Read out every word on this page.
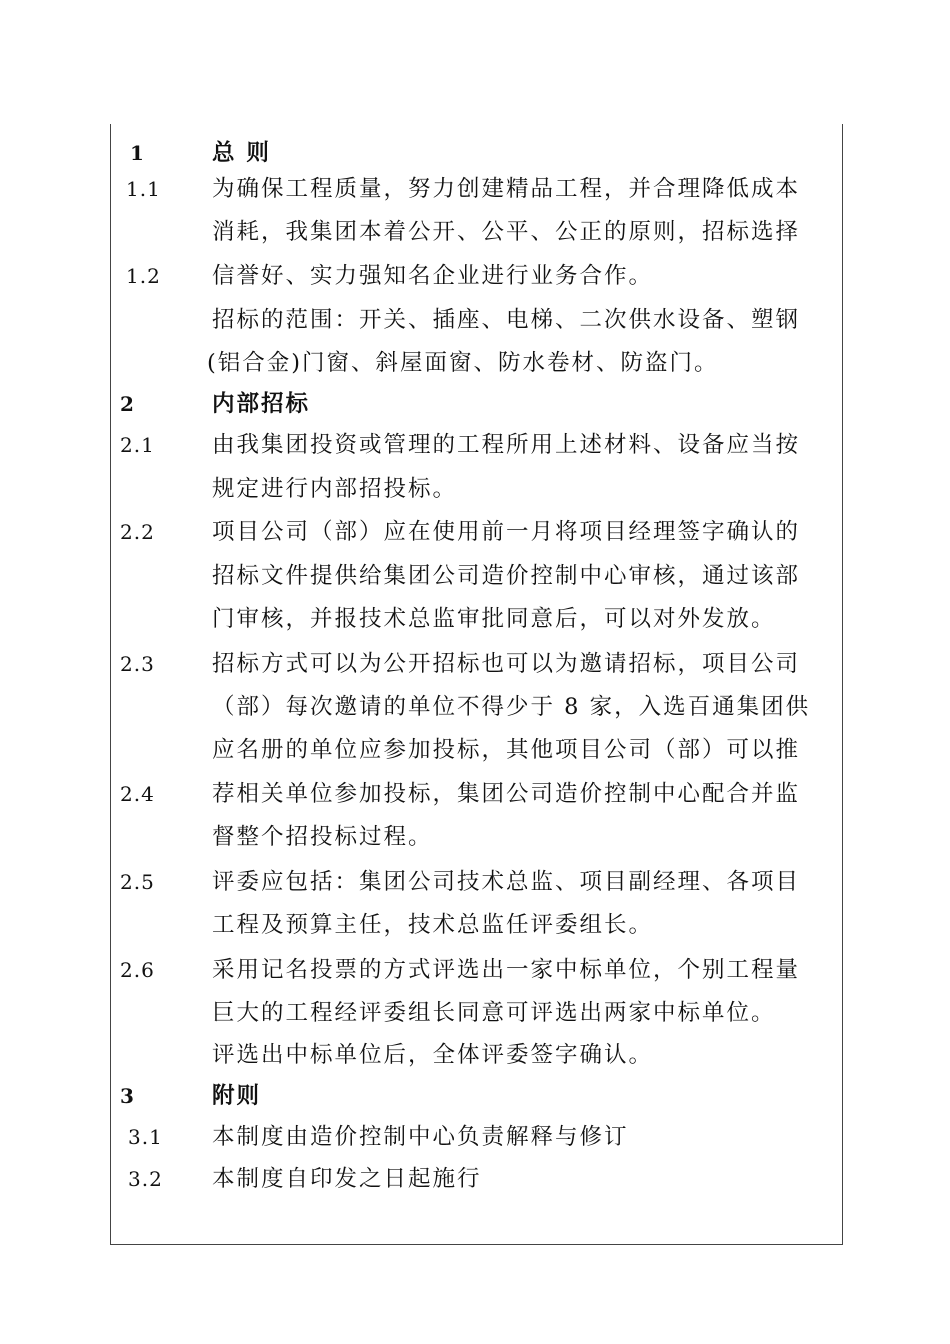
1	总 则
1.1 为确保工程质量，努力创建精品工程，并合理降低成本
消耗，我集团本着公开、公平、公正的原则，招标选择
1.2 信誉好、实力强知名企业进行业务合作。
招标的范围：开关、插座、电梯、二次供水设备、塑钢
(铝合金)门窗、斜屋面窗、防水卷材、防盗门。
2	内部招标
2.1	由我集团投资或管理的工程所用上述材料、设备应当按
规定进行内部招投标。
2.2	项目公司（部）应在使用前一月将项目经理签字确认的
招标文件提供给集团公司造价控制中心审核，通过该部
门审核，并报技术总监审批同意后，可以对外发放。
2.3	招标方式可以为公开招标也可以为邀请招标，项目公司
（部）每次邀请的单位不得少于 8 家，入选百通集团供
应名册的单位应参加投标，其他项目公司（部）可以推
2.4	荐相关单位参加投标，集团公司造价控制中心配合并监
督整个招投标过程。
2.5	评委应包括：集团公司技术总监、项目副经理、各项目
工程及预算主任，技术总监任评委组长。
2.6	采用记名投票的方式评选出一家中标单位，个别工程量
巨大的工程经评委组长同意可评选出两家中标单位。
评选出中标单位后，全体评委签字确认。
3	附则
3.1 本制度由造价控制中心负责解释与修订
3.2 本制度自印发之日起施行
